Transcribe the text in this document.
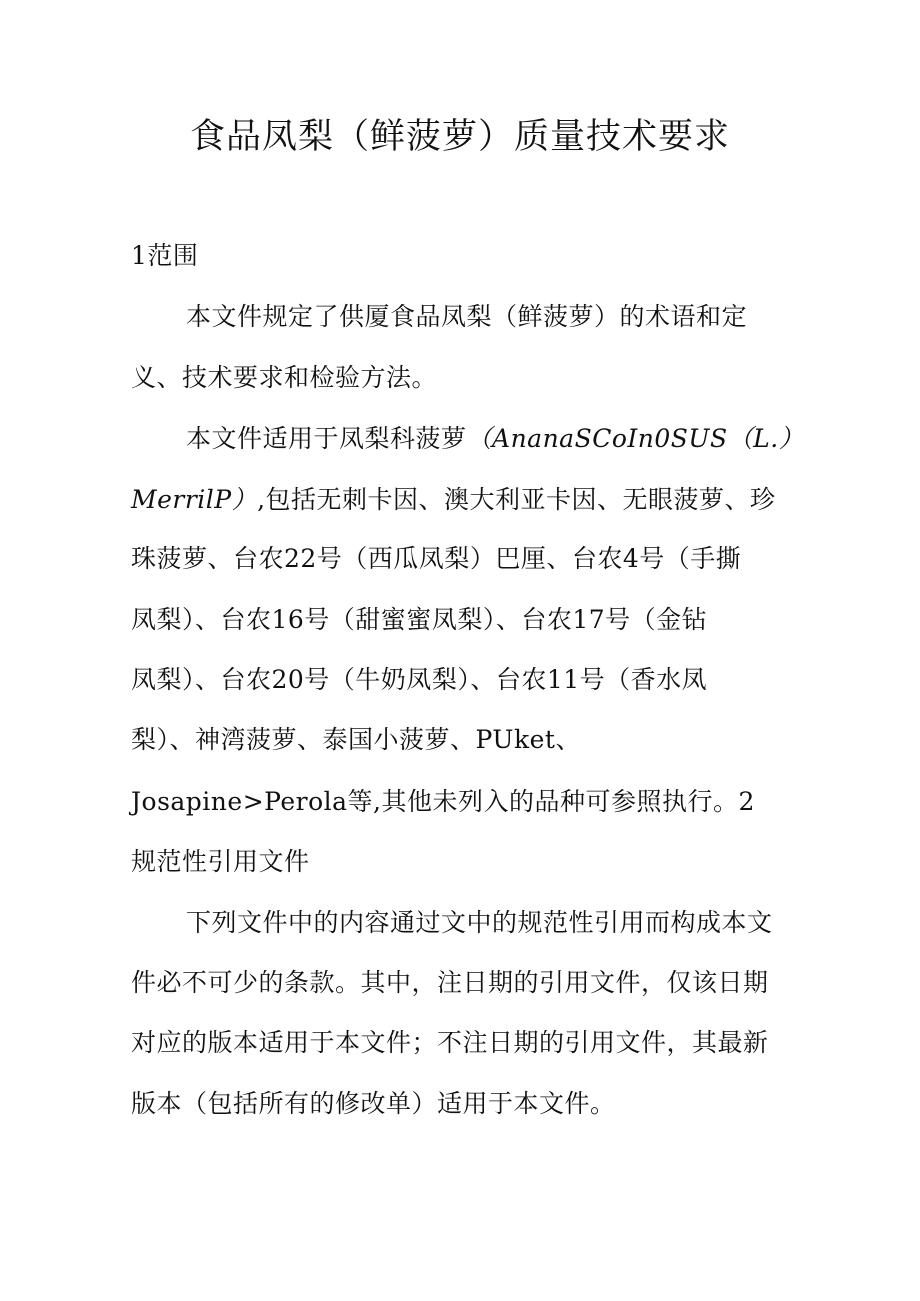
食品凤梨（鲜菠萝）质量技术要求
1范围
本文件规定了供厦食品凤梨（鲜菠萝）的术语和定
义、技术要求和检验方法。
本文件适用于凤梨科菠萝（AnanaSCoIn0SUS（L.）
MerrilP）,包括无刺卡因、澳大利亚卡因、无眼菠萝、珍
珠菠萝、台农22号（西瓜凤梨）巴厘、台农4号（手撕
凤梨）、台农16号（甜蜜蜜凤梨）、台农17号（金钻
凤梨）、台农20号（牛奶凤梨）、台农11号（香水凤
梨）、神湾菠萝、泰国小菠萝、PUket、
Josapine>Perola等,其他未列入的品种可参照执行。2
规范性引用文件
下列文件中的内容通过文中的规范性引用而构成本文
件必不可少的条款。其中，注日期的引用文件，仅该日期
对应的版本适用于本文件；不注日期的引用文件，其最新
版本（包括所有的修改单）适用于本文件。
